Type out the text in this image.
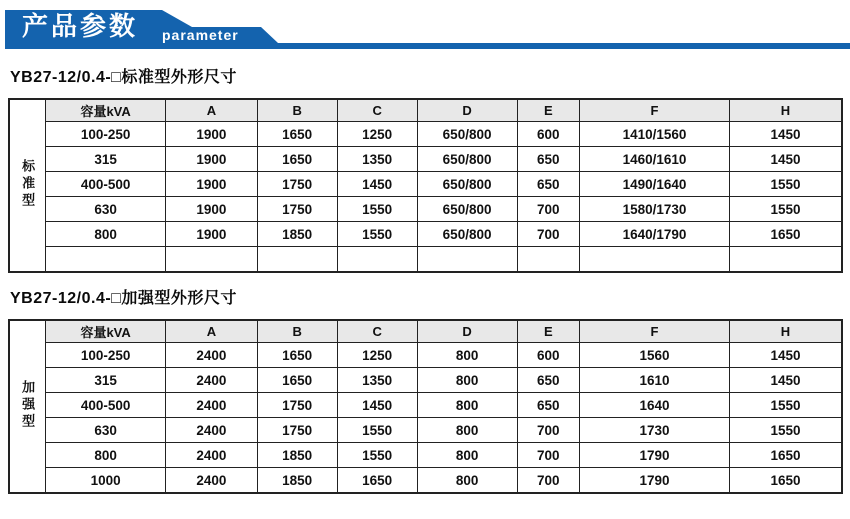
产品参数 parameter
YB27-12/0.4-□标准型外形尺寸
标准型	容量kVA	A	B	C	D	E	F	H
	100-250	1900	1650	1250	650/800	600	1410/1560	1450
	315	1900	1650	1350	650/800	650	1460/1610	1450
	400-500	1900	1750	1450	650/800	650	1490/1640	1550
	630	1900	1750	1550	650/800	700	1580/1730	1550
	800	1900	1850	1550	650/800	700	1640/1790	1650

YB27-12/0.4-□加强型外形尺寸
加强型	容量kVA	A	B	C	D	E	F	H
	100-250	2400	1650	1250	800	600	1560	1450
	315	2400	1650	1350	800	650	1610	1450
	400-500	2400	1750	1450	800	650	1640	1550
	630	2400	1750	1550	800	700	1730	1550
	800	2400	1850	1550	800	700	1790	1650
	1000	2400	1850	1650	800	700	1790	1650
